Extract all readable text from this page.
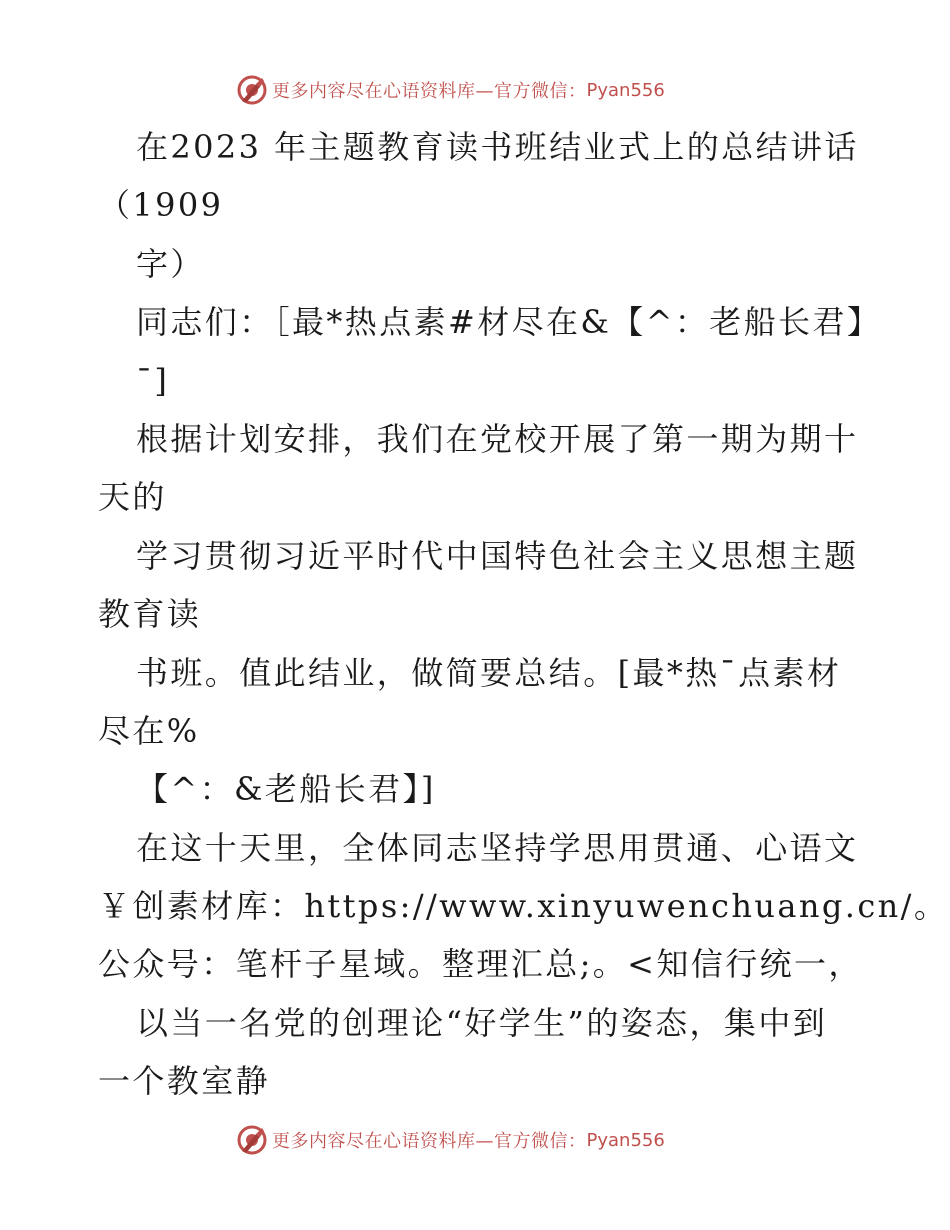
更多内容尽在心语资料库—官方微信： Pyan556
在2023 年主题教育读书班结业式上的总结讲话
（1909
字）
同志们：［最*热点素#材尽在&【^：老船长君】
¯]
根据计划安排，我们在党校开展了第一期为期十
天的
学习贯彻习近平时代中国特色社会主义思想主题
教育读
书班。值此结业，做简要总结。[最*热¯点素材
尽在%
【^：&老船长君】]
在这十天里，全体同志坚持学思用贯通、心语文
￥创素材库：https://www.xinyuwenchuang.cn/。
公众号：笔杆子星域。整理汇总;。<知信行统一，
以当一名党的创理论“好学生”的姿态，集中到
一个教室静
更多内容尽在心语资料库—官方微信： Pyan556
